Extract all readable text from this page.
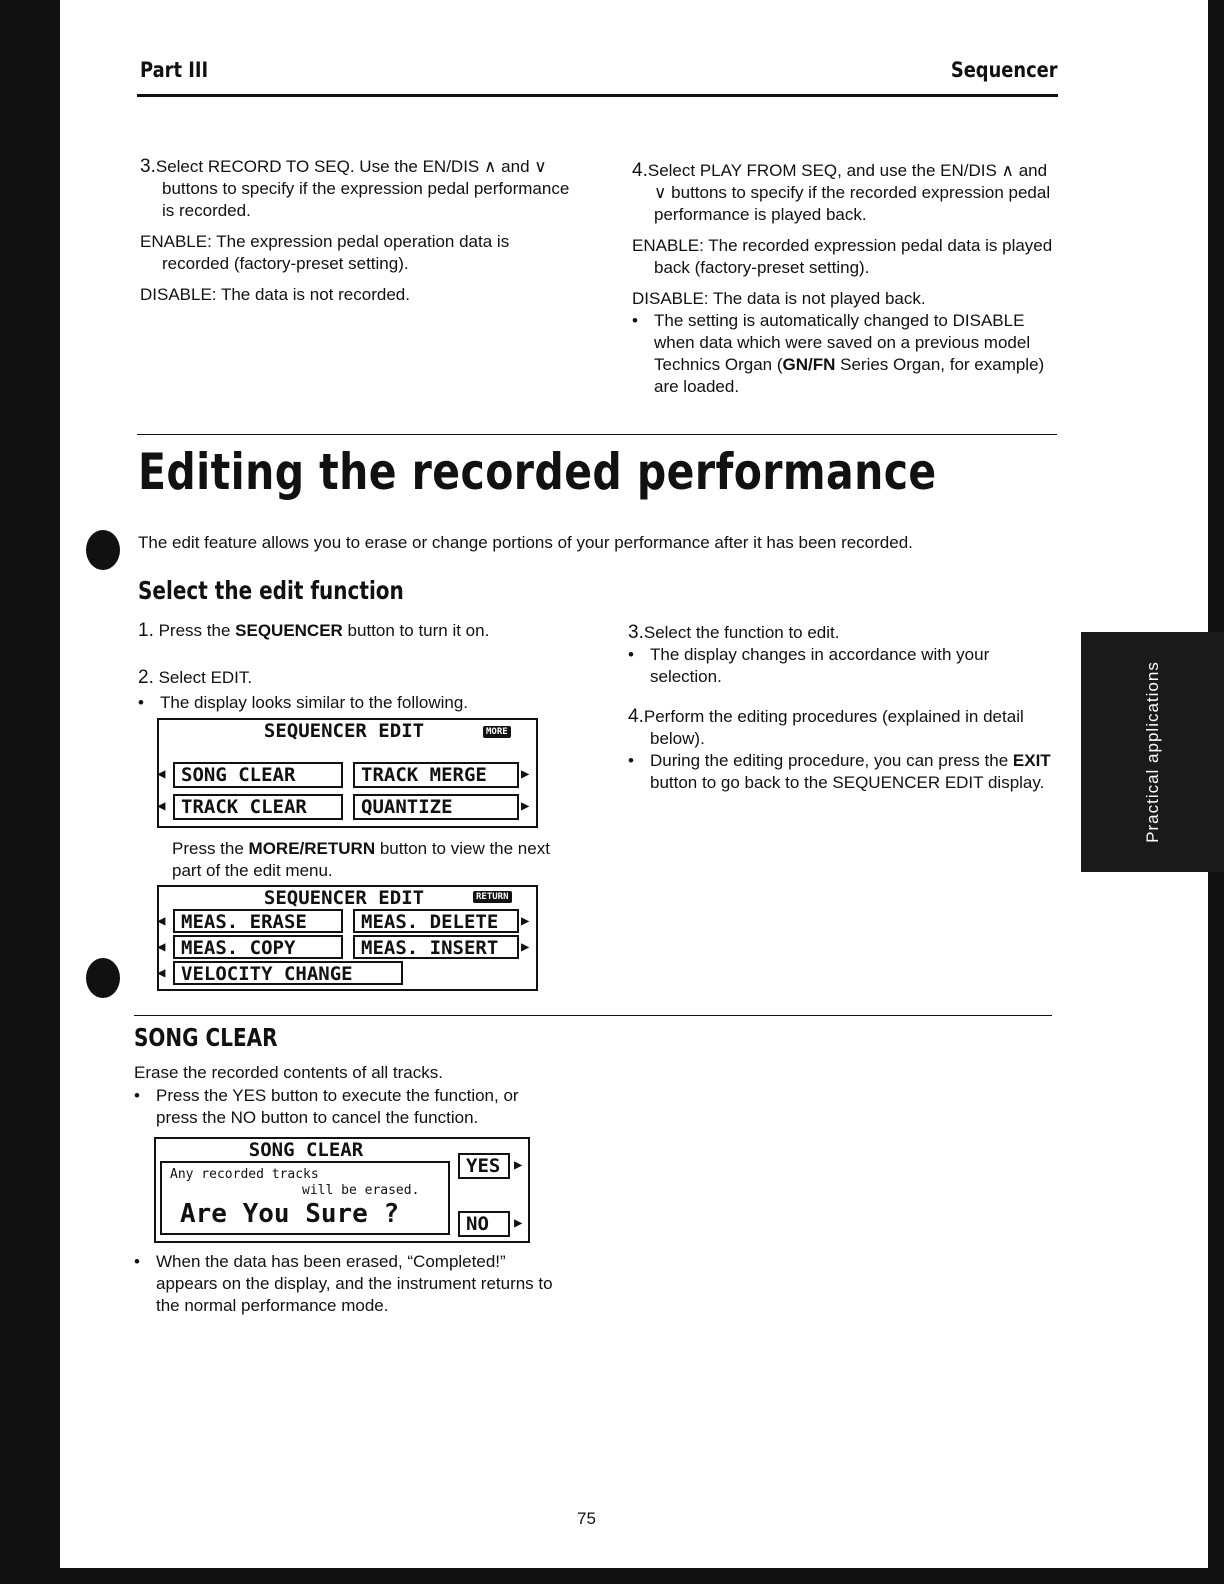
Part III	Sequencer
3.Select RECORD TO SEQ. Use the EN/DIS ∧ and ∨ buttons to specify if the expression pedal performance is recorded.
ENABLE: The expression pedal operation data is recorded (factory-preset setting).
DISABLE: The data is not recorded.
4.Select PLAY FROM SEQ, and use the EN/DIS ∧ and ∨ buttons to specify if the recorded expression pedal performance is played back.
ENABLE: The recorded expression pedal data is played back (factory-preset setting).
DISABLE: The data is not played back.
• The setting is automatically changed to DISABLE when data which were saved on a previous model Technics Organ (GN/FN Series Organ, for example) are loaded.
Editing the recorded performance
The edit feature allows you to erase or change portions of your performance after it has been recorded.
Select the edit function
1. Press the SEQUENCER button to turn it on.
2. Select EDIT.
• The display looks similar to the following.
SEQUENCER EDIT	MORE
◀ SONG CLEAR	TRACK MERGE	▶
◀ TRACK CLEAR	QUANTIZE	▶
Press the MORE/RETURN button to view the next part of the edit menu.
SEQUENCER EDIT	RETURN
◀ MEAS. ERASE	MEAS. DELETE	▶
◀ MEAS. COPY	MEAS. INSERT	▶
◀ VELOCITY CHANGE
3.Select the function to edit.
• The display changes in accordance with your selection.
4.Perform the editing procedures (explained in detail below).
• During the editing procedure, you can press the EXIT button to go back to the SEQUENCER EDIT display.	Practical applications
SONG CLEAR
Erase the recorded contents of all tracks.
• Press the YES button to execute the function, or press the NO button to cancel the function.
SONG CLEAR
Any recorded tracks
will be erased.
Are You Sure ?
YES ▶
NO	▶
• When the data has been erased, “Completed!” appears on the display, and the instrument returns to the normal performance mode.
75
